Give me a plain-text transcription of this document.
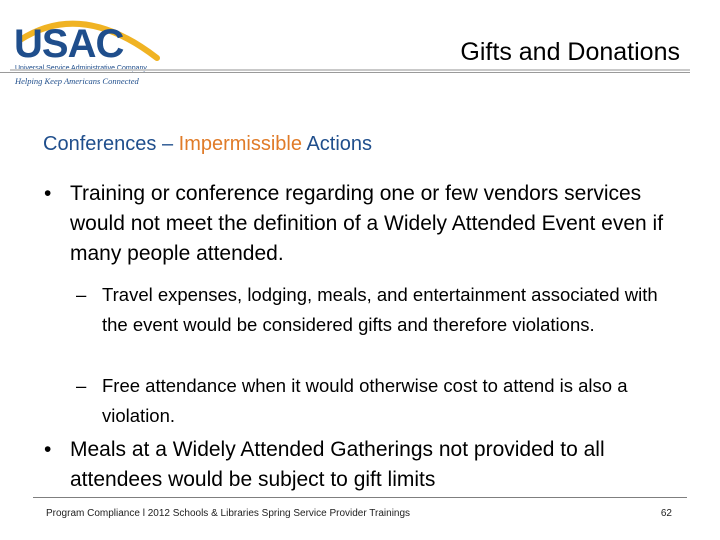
USAC
Helping Keep Americans Connected
Gifts and Donations
Conferences – Impermissible Actions
• Training or conference regarding one or few vendors services would not meet the definition of a Widely Attended Event even if many people attended.
– Travel expenses, lodging, meals, and entertainment associated with the event would be considered gifts and therefore violations.
– Free attendance when it would otherwise cost to attend is also a violation.
• Meals at a Widely Attended Gatherings not provided to all attendees would be subject to gift limits
Program Compliance l 2012 Schools & Libraries Spring Service Provider Trainings	62
